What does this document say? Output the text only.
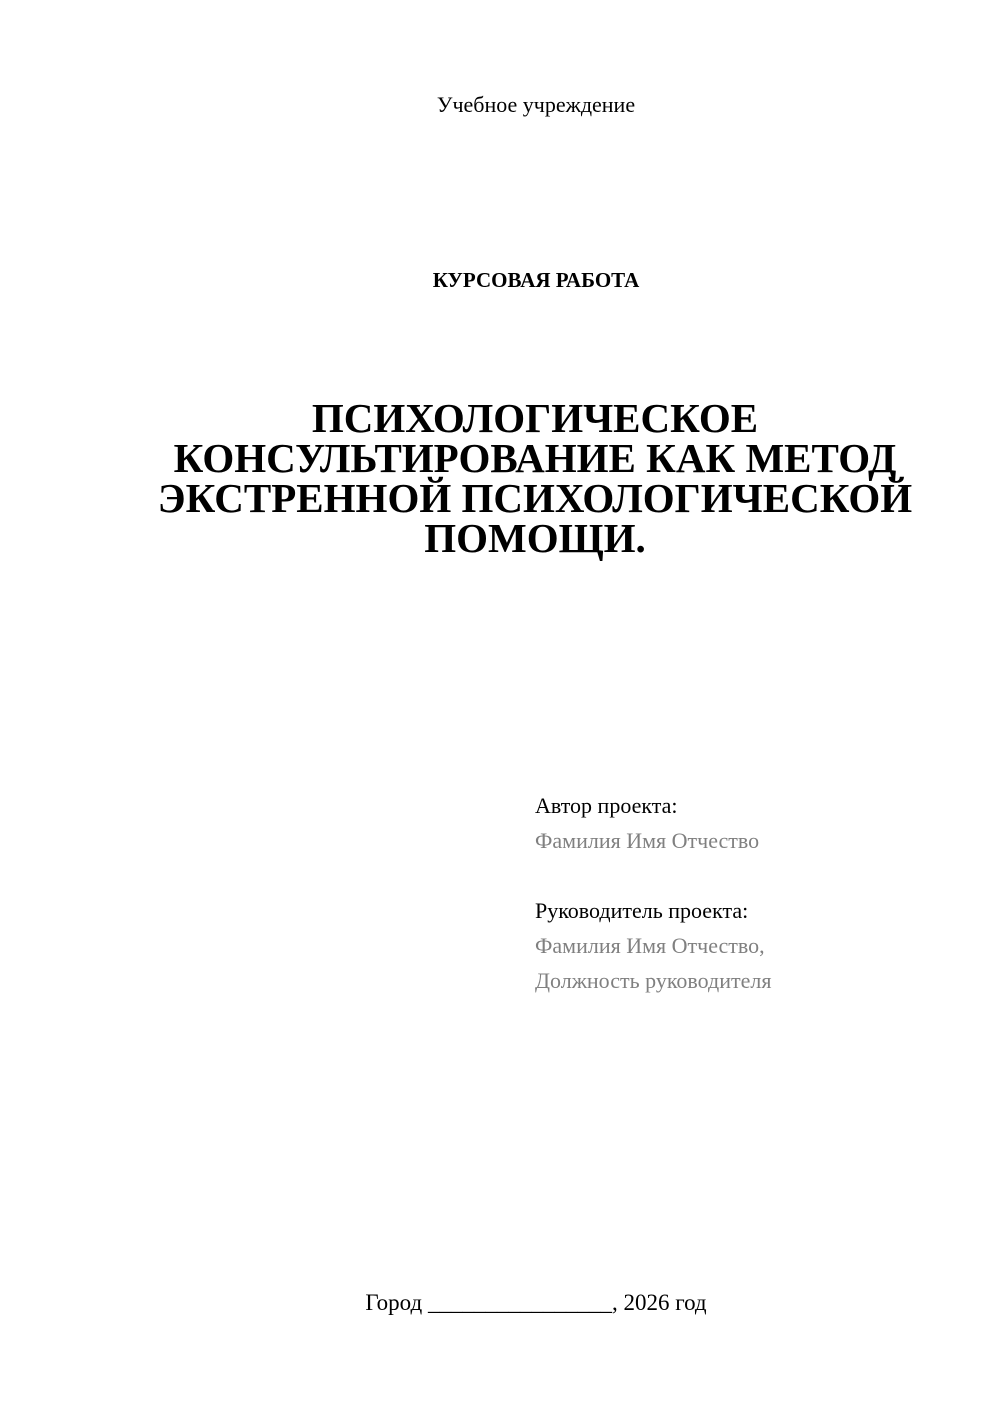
Учебное учреждение
КУРСОВАЯ РАБОТА
ПСИХОЛОГИЧЕСКОЕ
КОНСУЛЬТИРОВАНИЕ КАК МЕТОД
ЭКСТРЕННОЙ ПСИХОЛОГИЧЕСКОЙ
ПОМОЩИ.
Автор проекта:
Фамилия Имя Отчество
Руководитель проекта:
Фамилия Имя Отчество,
Должность руководителя
Город ________________, 2026 год
